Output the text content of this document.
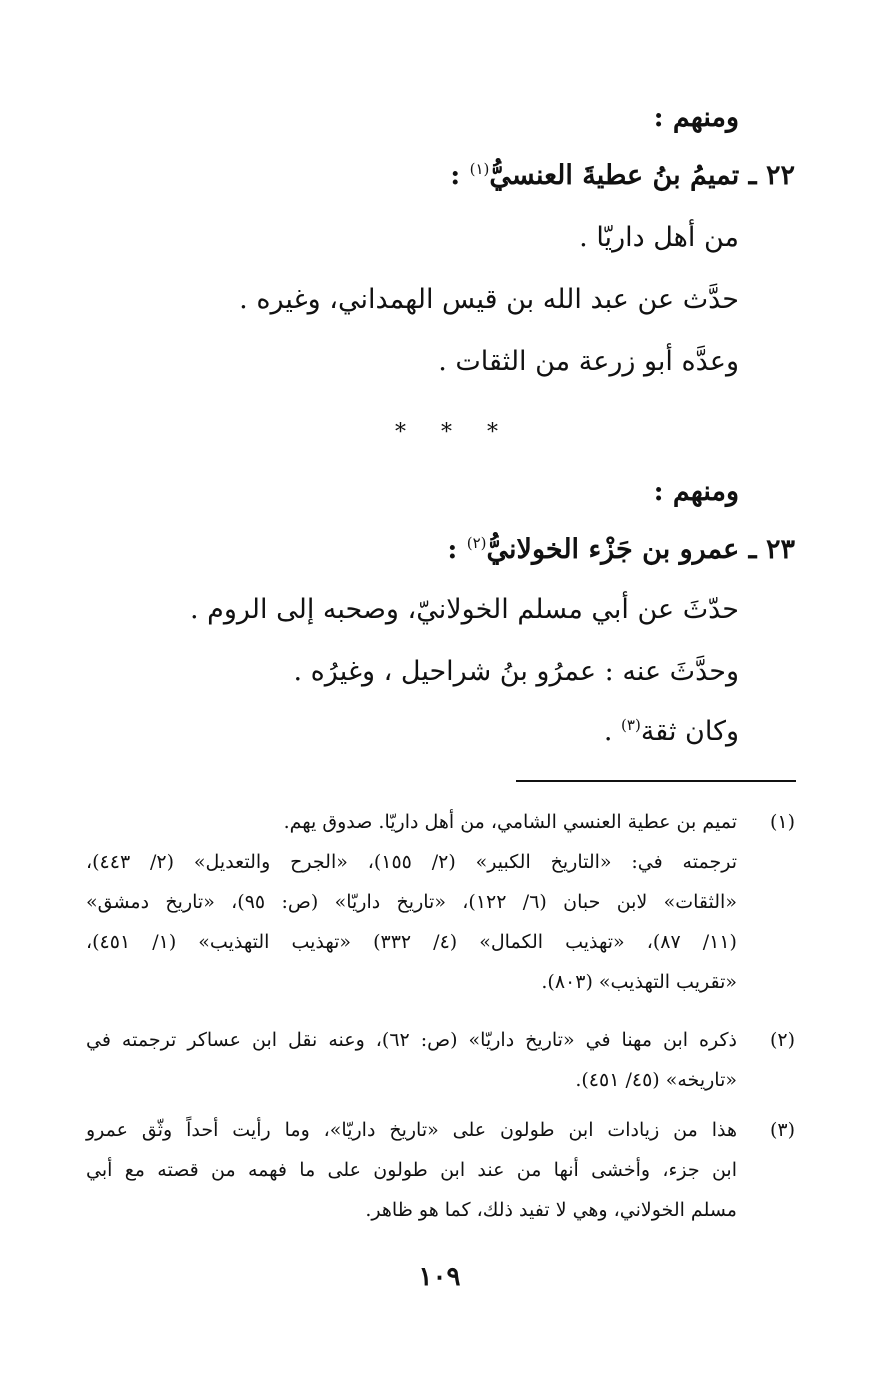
ومنهم :
٢٢ ـ تميمُ بنُ عطيةَ العنسيُّ$^{(١)}$ :
من أهل داريّا .
حدَّث عن عبد الله بن قيس الهمداني، وغيره .
وعدَّه أبو زرعة من الثقات .
* * *
ومنهم :
٢٣ ـ عمرو بن جَزْء الخولانيُّ$^{(٢)}$ :
حدّثَ عن أبي مسلم الخولانيّ، وصحبه إلى الروم .
وحدَّثَ عنه : عمرُو بنُ شراحيل ، وغيرُه .
وكان ثقة$^{(٣)}$ .
(١)
تميم بن عطية العنسي الشامي، من أهل داريّا. صدوق يهم.
ترجمته في: «التاريخ الكبير» (٢/ ١٥٥)، «الجرح والتعديل» (٢/ ٤٤٣)،
«الثقات» لابن حبان (٦/ ١٢٢)، «تاريخ داريّا» (ص: ٩٥)، «تاريخ دمشق»
(١١/ ٨٧)، «تهذيب الكمال» (٤/ ٣٣٢) «تهذيب التهذيب» (١/ ٤٥١)،
«تقريب التهذيب» (٨٠٣).
(٢)
ذكره ابن مهنا في «تاريخ داريّا» (ص: ٦٢)، وعنه نقل ابن عساكر ترجمته في
«تاريخه» (٤٥/ ٤٥١).
(٣)
هذا من زيادات ابن طولون على «تاريخ داريّا»، وما رأيت أحداً وثّق عمرو
ابن جزء، وأخشى أنها من عند ابن طولون على ما فهمه من قصته مع أبي
مسلم الخولاني، وهي لا تفيد ذلك، كما هو ظاهر.
١٠٩
